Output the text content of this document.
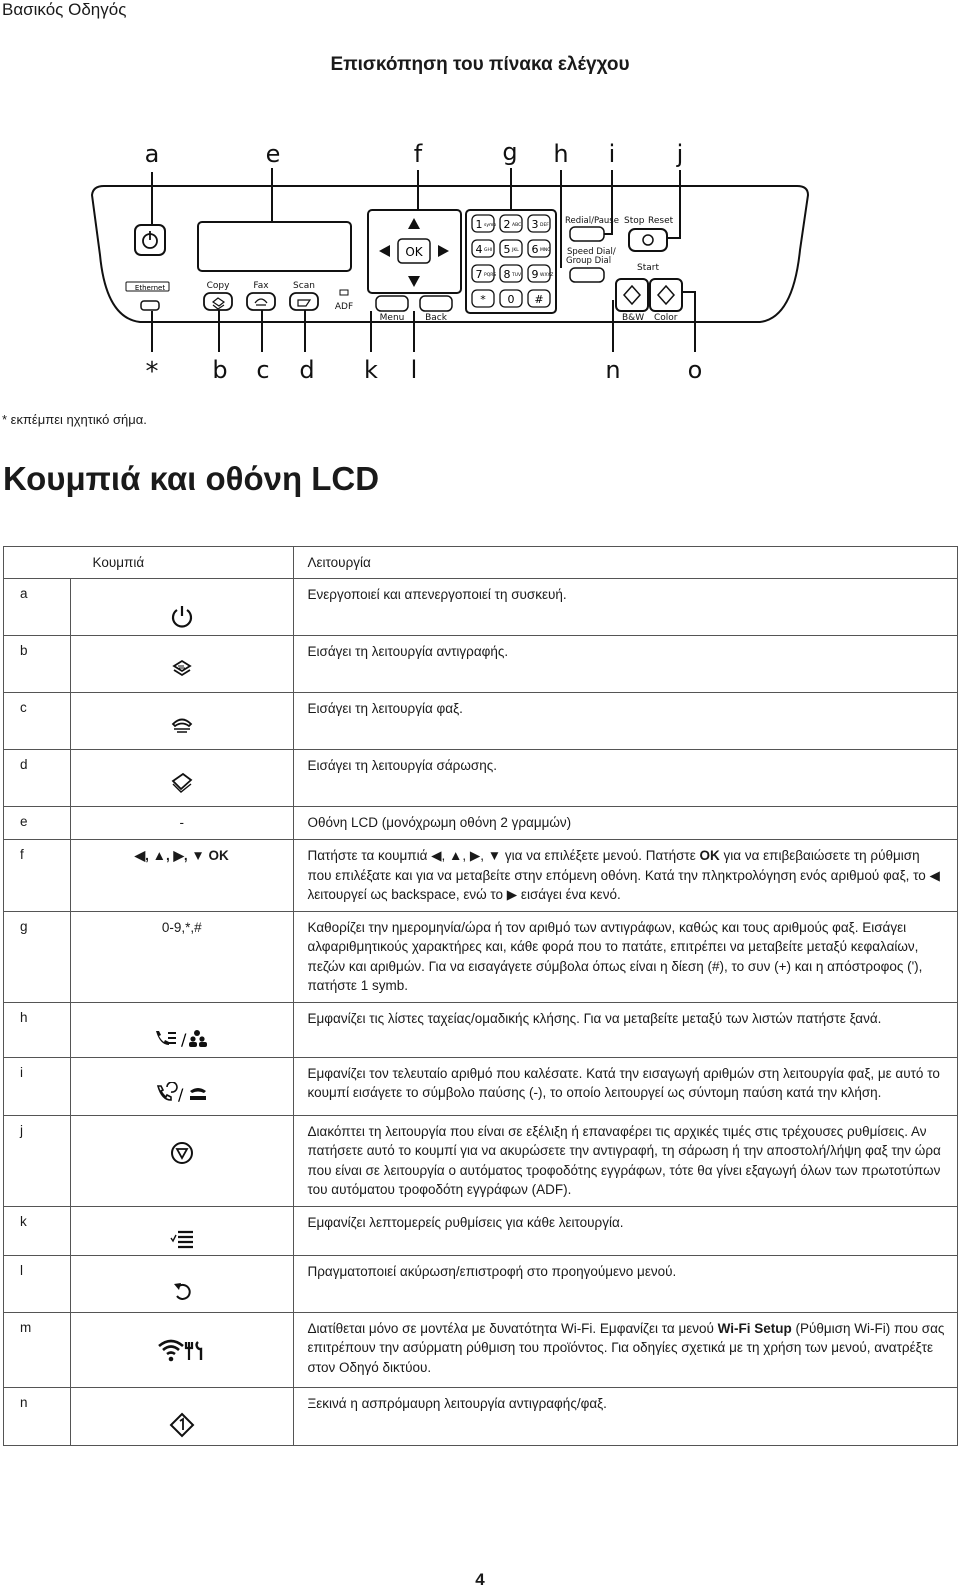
Βασικός Οδηγός
Επισκόπηση του πίνακα ελέγχου
a	e	f	g h i	j
* b c d k l	n	o
Ethernet	Copy	Fax	Scan
ADF
Menu Back
OK
1 symb 2 ABC 3 DEF
4 GHI 5 JKL 6 MNO
7 PQRS 8 TUV 9 WXYZ
* 0 #
Redial/Pause
Speed Dial/
Group Dial
Stop Reset
Start
B&W Color
* εκπέμπει ηχητικό σήμα.
Κουμπιά και οθόνη LCD
	Κουμπιά	Λειτουργία
a		Ενεργοποιεί και απενεργοποιεί τη συσκευή.
b		Εισάγει τη λειτουργία αντιγραφής.
c		Εισάγει τη λειτουργία φαξ.
d		Εισάγει τη λειτουργία σάρωσης.
e	-	Οθόνη LCD (μονόχρωμη οθόνη 2 γραμμών)
f	◀, ▲, ▶, ▼ OK	Πατήστε τα κουμπιά ◀, ▲, ▶, ▼ για να επιλέξετε μενού. Πατήστε OK για να επιβεβαιώσετε τη ρύθμιση που επιλέξατε και για να μεταβείτε στην επόμενη οθόνη. Κατά την πληκτρολόγηση ενός αριθμού φαξ, το ◀ λειτουργεί ως backspace, ενώ το ▶ εισάγει ένα κενό.
g	0-9,*,#	Καθορίζει την ημερομηνία/ώρα ή τον αριθμό των αντιγράφων, καθώς και τους αριθμούς φαξ. Εισάγει αλφαριθμητικούς χαρακτήρες και, κάθε φορά που το πατάτε, επιτρέπει να μεταβείτε μεταξύ κεφαλαίων, πεζών και αριθμών. Για να εισαγάγετε σύμβολα όπως είναι η δίεση (#), το συν (+) και η απόστροφος ('), πατήστε 1 symb.
h	/	Εμφανίζει τις λίστες ταχείας/ομαδικής κλήσης. Για να μεταβείτε μεταξύ των λιστών πατήστε ξανά.
i	/	Εμφανίζει τον τελευταίο αριθμό που καλέσατε. Κατά την εισαγωγή αριθμών στη λειτουργία φαξ, με αυτό το κουμπί εισάγετε το σύμβολο παύσης (-), το οποίο λειτουργεί ως σύντομη παύση κατά την κλήση.
j		Διακόπτει τη λειτουργία που είναι σε εξέλιξη ή επαναφέρει τις αρχικές τιμές στις τρέχουσες ρυθμίσεις. Αν πατήσετε αυτό το κουμπί για να ακυρώσετε την αντιγραφή, τη σάρωση ή την αποστολή/λήψη φαξ την ώρα που είναι σε λειτουργία ο αυτόματος τροφοδότης εγγράφων, τότε θα γίνει εξαγωγή όλων των πρωτοτύπων του αυτόματου τροφοδότη εγγράφων (ADF).
k		Εμφανίζει λεπτομερείς ρυθμίσεις για κάθε λειτουργία.
l		Πραγματοποιεί ακύρωση/επιστροφή στο προηγούμενο μενού.
m		Διατίθεται μόνο σε μοντέλα με δυνατότητα Wi-Fi. Εμφανίζει τα μενού Wi-Fi Setup (Ρύθμιση Wi-Fi) που σας επιτρέπουν την ασύρματη ρύθμιση του προϊόντος. Για οδηγίες σχετικά με τη χρήση των μενού, ανατρέξτε στον Οδηγό δικτύου.
n		Ξεκινά η ασπρόμαυρη λειτουργία αντιγραφής/φαξ.
4
